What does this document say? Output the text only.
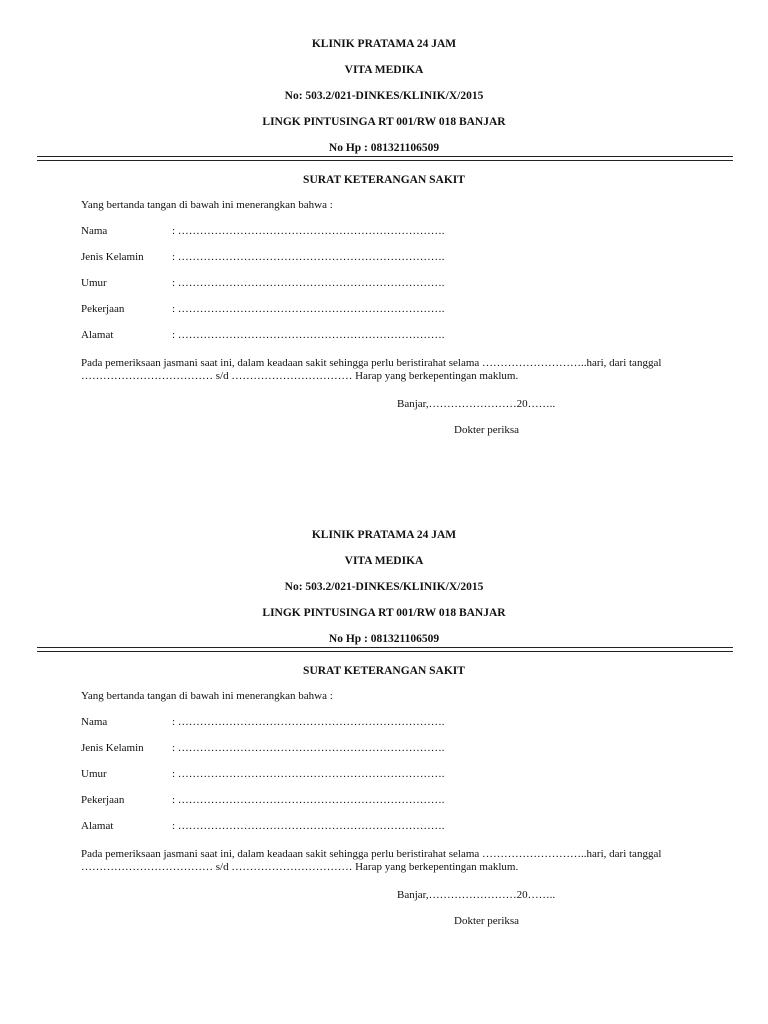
KLINIK PRATAMA 24 JAM
VITA MEDIKA
No: 503.2/021-DINKES/KLINIK/X/2015
LINGK PINTUSINGA RT 001/RW 018 BANJAR
No Hp : 081321106509
SURAT KETERANGAN SAKIT
Yang bertanda tangan di bawah ini menerangkan bahwa :
Nama	: ……………………………………………………………….
Jenis Kelamin	: ……………………………………………………………….
Umur	: ……………………………………………………………….
Pekerjaan	: ……………………………………………………………….
Alamat	: ……………………………………………………………….
Pada pemeriksaan jasmani saat ini, dalam keadaan sakit sehingga perlu beristirahat selama ………………………..hari, dari tanggal
……………………………… s/d …………………………… Harap yang berkepentingan maklum.
Banjar,……………………20……..
Dokter periksa
KLINIK PRATAMA 24 JAM
VITA MEDIKA
No: 503.2/021-DINKES/KLINIK/X/2015
LINGK PINTUSINGA RT 001/RW 018 BANJAR
No Hp : 081321106509
SURAT KETERANGAN SAKIT
Yang bertanda tangan di bawah ini menerangkan bahwa :
Nama	: ……………………………………………………………….
Jenis Kelamin	: ……………………………………………………………….
Umur	: ……………………………………………………………….
Pekerjaan	: ……………………………………………………………….
Alamat	: ……………………………………………………………….
Pada pemeriksaan jasmani saat ini, dalam keadaan sakit sehingga perlu beristirahat selama ………………………..hari, dari tanggal
……………………………… s/d …………………………… Harap yang berkepentingan maklum.
Banjar,……………………20……..
Dokter periksa
